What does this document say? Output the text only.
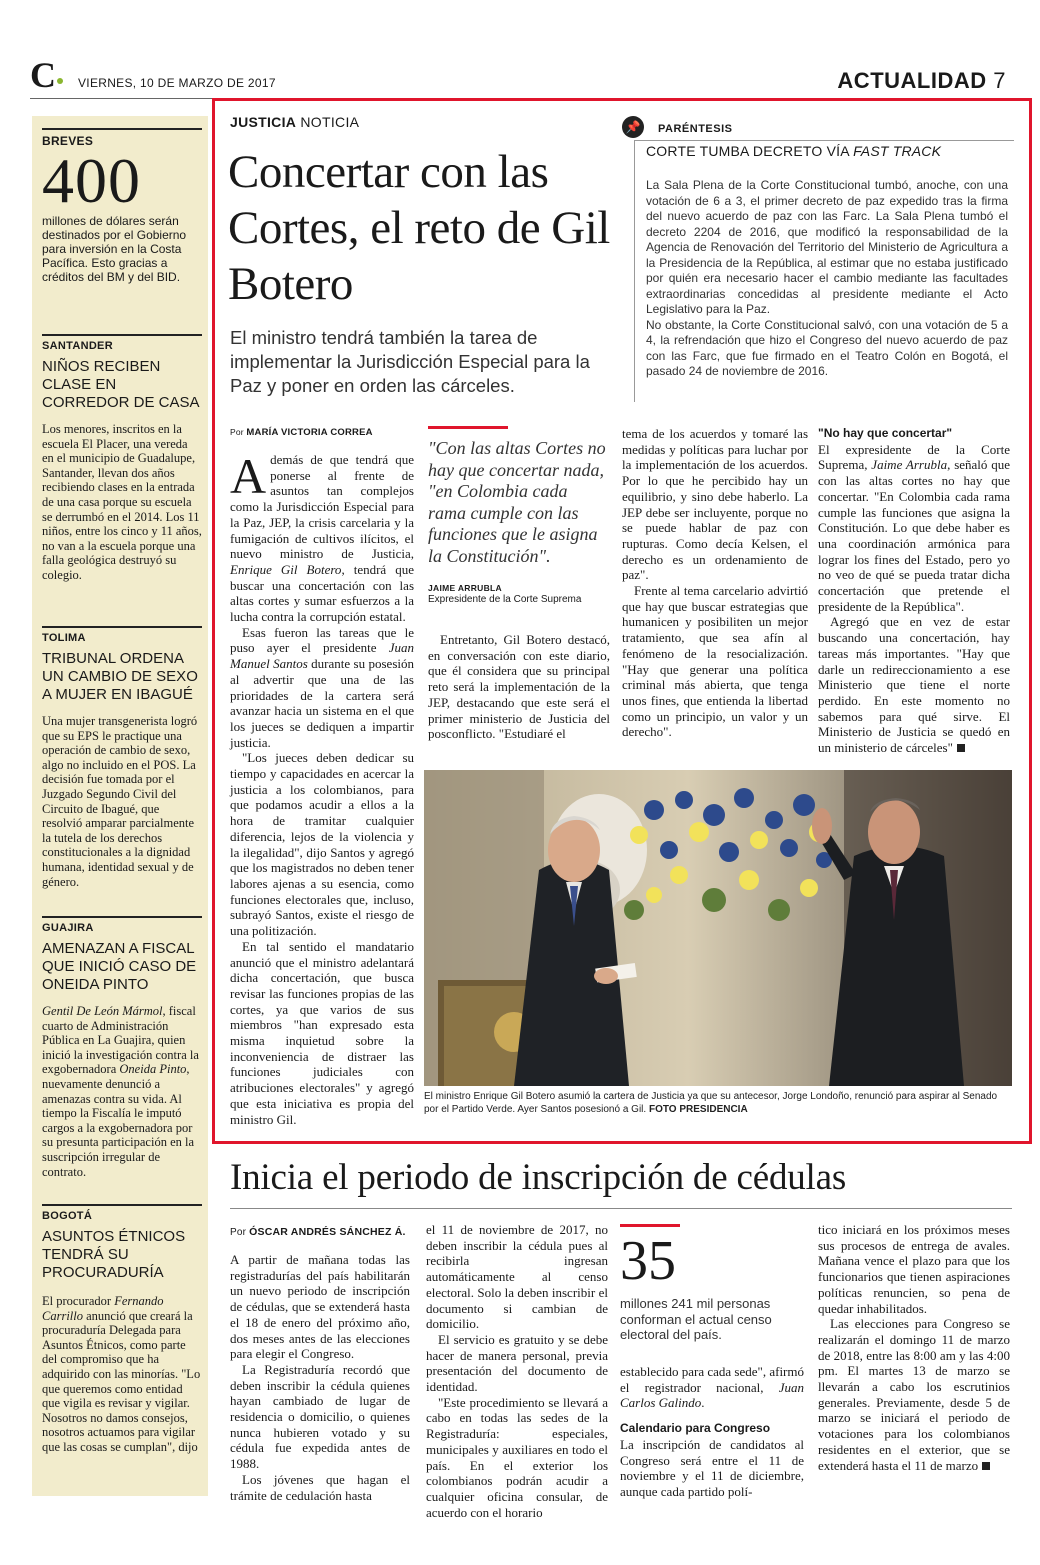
C VIERNES, 10 DE MARZO DE 2017	ACTUALIDAD 7
BREVES
400
millones de dólares serán destinados por el Gobierno para inversión en la Costa Pacífica. Esto gracias a créditos del BM y del BID.
SANTANDER
NIÑOS RECIBEN CLASE EN CORREDOR DE CASA
Los menores, inscritos en la escuela El Placer, una vereda en el municipio de Guadalupe, Santander, llevan dos años recibiendo clases en la entrada de una casa porque su escuela se derrumbó en el 2014. Los 11 niños, entre los cinco y 11 años, no van a la escuela porque una falla geológica destruyó su colegio.
TOLIMA
TRIBUNAL ORDENA UN CAMBIO DE SEXO A MUJER EN IBAGUÉ
Una mujer transgenerista logró que su EPS le practique una operación de cambio de sexo, algo no incluido en el POS. La decisión fue tomada por el Juzgado Segundo Civil del Circuito de Ibagué, que resolvió amparar parcialmente la tutela de los derechos constitucionales a la dignidad humana, identidad sexual y de género.
GUAJIRA
AMENAZAN A FISCAL QUE INICIÓ CASO DE ONEIDA PINTO
Gentil De León Mármol, fiscal cuarto de Administración Pública en La Guajira, quien inició la investigación contra la exgobernadora Oneida Pinto, nuevamente denunció a amenazas contra su vida. Al tiempo la Fiscalía le imputó cargos a la exgobernadora por su presunta participación en la suscripción irregular de contrato.
BOGOTÁ
ASUNTOS ÉTNICOS TENDRÁ SU PROCURADURÍA
El procurador Fernando Carrillo anunció que creará la procuraduría Delegada para Asuntos Étnicos, como parte del compromiso que ha adquirido con las minorías. "Lo que queremos como entidad que vigila es revisar y vigilar. Nosotros no damos consejos, nosotros actuamos para vigilar que las cosas se cumplan", dijo
JUSTICIA NOTICIA
Concertar con las Cortes, el reto de Gil Botero
El ministro tendrá también la tarea de implementar la Jurisdicción Especial para la Paz y poner en orden las cárceles.
📌	PARÉNTESIS
CORTE TUMBA DECRETO VÍA FAST TRACK

La Sala Plena de la Corte Constitucional tumbó, anoche, con una votación de 6 a 3, el primer decreto de paz expedido tras la firma del nuevo acuerdo de paz con las Farc. La Sala Plena tumbó el decreto 2204 de 2016, que modificó la responsabilidad de la Agencia de Renovación del Territorio del Ministerio de Agricultura a la Presidencia de la República, al estimar que no estaba justificado por quién era necesario hacer el cambio mediante las facultades extraordinarias concedidas al presidente mediante el Acto Legislativo para la Paz.

No obstante, la Corte Constitucional salvó, con una votación de 5 a 4, la refrendación que hizo el Congreso del nuevo acuerdo de paz con las Farc, que fue firmado en el Teatro Colón en Bogotá, el pasado 24 de noviembre de 2016.

Por MARÍA VICTORIA CORREA

Además de que tendrá que ponerse al frente de asuntos tan complejos como la Jurisdicción Especial para la Paz, JEP, la crisis carcelaria y la fumigación de cultivos ilícitos, el nuevo ministro de Justicia, Enrique Gil Botero, tendrá que buscar una concertación con las altas cortes y sumar esfuerzos a la lucha contra la corrupción estatal.

Esas fueron las tareas que le puso ayer el presidente Juan Manuel Santos durante su posesión al advertir que una de las prioridades de la cartera será avanzar hacia un sistema en el que los jueces se dediquen a impartir justicia.

"Los jueces deben dedicar su tiempo y capacidades en acercar la justicia a los colombianos, para que podamos acudir a ellos a la hora de tramitar cualquier diferencia, lejos de la violencia y la ilegalidad", dijo Santos y agregó que los magistrados no deben tener labores ajenas a su esencia, como funciones electorales que, incluso, subrayó Santos, existe el riesgo de una politización.

En tal sentido el mandatario anunció que el ministro adelantará dicha concertación, que busca revisar las funciones propias de las cortes, ya que varios de sus miembros "han expresado esta misma inquietud sobre la inconveniencia de distraer las funciones judiciales con atribuciones electorales" y agregó que esta iniciativa es propia del ministro Gil.

"Con las altas Cortes no hay que concertar nada, "en Colombia cada rama cumple con las funciones que le asigna la Constitución".
JAIME ARRUBLA
Expresidente de la Corte Suprema

Entretanto, Gil Botero destacó, en conversación con este diario, que él considera que su principal reto será la implementación de la JEP, destacando que este será el primer ministerio de Justicia del posconflicto. "Estudiaré el

tema de los acuerdos y tomaré las medidas y políticas para luchar por la implementación de los acuerdos. Por lo que he percibido hay un equilibrio, y sino debe haberlo. La JEP debe ser incluyente, porque no se puede hablar de paz con rupturas. Como decía Kelsen, el derecho es un ordenamiento de paz".

Frente al tema carcelario advirtió que hay que buscar estrategias que humanicen y posibiliten un mejor tratamiento, que sea afín al fenómeno de la resocialización. "Hay que generar una política criminal más abierta, que tenga unos fines, que entienda la libertad como un principio, un valor y un derecho".

"No hay que concertar"

El expresidente de la Corte Suprema, Jaime Arrubla, señaló que con las altas cortes no hay que concertar. "En Colombia cada rama cumple las funciones que asigna la Constitución. Lo que debe haber es una coordinación armónica para lograr los fines del Estado, pero yo no veo de qué se pueda tratar dicha concertación que pretende el presidente de la República".

Agregó que en vez de estar buscando una concertación, hay tareas más importantes. "Hay que darle un redireccionamiento a ese Ministerio que tiene el norte perdido. En este momento no sabemos para qué sirve. El Ministerio de Justicia se quedó en un ministerio de cárceles"

El ministro Enrique Gil Botero asumió la cartera de Justicia ya que su antecesor, Jorge Londoño, renunció para aspirar al Senado por el Partido Verde. Ayer Santos posesionó a Gil. FOTO PRESIDENCIA
Inicia el periodo de inscripción de cédulas
Por ÓSCAR ANDRÉS SÁNCHEZ Á.

A partir de mañana todas las registradurías del país habilitarán un nuevo periodo de inscripción de cédulas, que se extenderá hasta el 18 de enero del próximo año, dos meses antes de las elecciones para elegir el Congreso.

La Registraduría recordó que deben inscribir la cédula quienes hayan cambiado de lugar de residencia o domicilio, o quienes nunca hubieren votado y su cédula fue expedida antes de 1988.

Los jóvenes que hagan el trámite de cedulación hasta

el 11 de noviembre de 2017, no deben inscribir la cédula pues al recibirla ingresan automáticamente al censo electoral. Solo la deben inscribir el documento si cambian de domicilio.

El servicio es gratuito y se debe hacer de manera personal, previa presentación del documento de identidad.

"Este procedimiento se llevará a cabo en todas las sedes de la Registraduría: especiales, municipales y auxiliares en todo el país. En el exterior los colombianos podrán acudir a cualquier oficina consular, de acuerdo con el horario

35
millones 241 mil personas conforman el actual censo electoral del país.

establecido para cada sede", afirmó el registrador nacional, Juan Carlos Galindo.

Calendario para Congreso

La inscripción de candidatos al Congreso será entre el 11 de noviembre y el 11 de diciembre, aunque cada partido polí-

tico iniciará en los próximos meses sus procesos de entrega de avales. Mañana vence el plazo para que los funcionarios que tienen aspiraciones políticas renuncien, so pena de quedar inhabilitados.

Las elecciones para Congreso se realizarán el domingo 11 de marzo de 2018, entre las 8:00 am y las 4:00 pm. El martes 13 de marzo se llevarán a cabo los escrutinios generales. Previamente, desde 5 de marzo se iniciará el periodo de votaciones para los colombianos residentes en el exterior, que se extenderá hasta el 11 de marzo
